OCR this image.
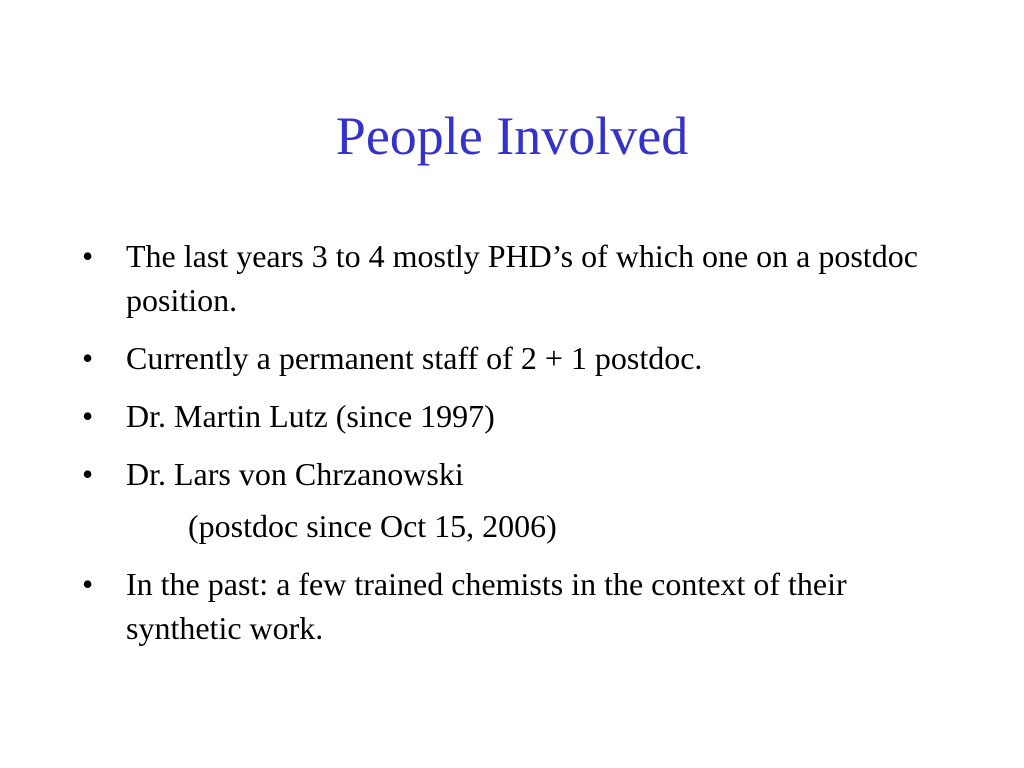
People Involved
•	The last years 3 to 4 mostly PHD’s of which one on a postdoc position.
•	Currently a permanent staff of 2 + 1 postdoc.
•	Dr. Martin Lutz (since 1997)
•	Dr. Lars von Chrzanowski
(postdoc since Oct 15, 2006)
•	In the past: a few trained chemists in the context of their synthetic work.
